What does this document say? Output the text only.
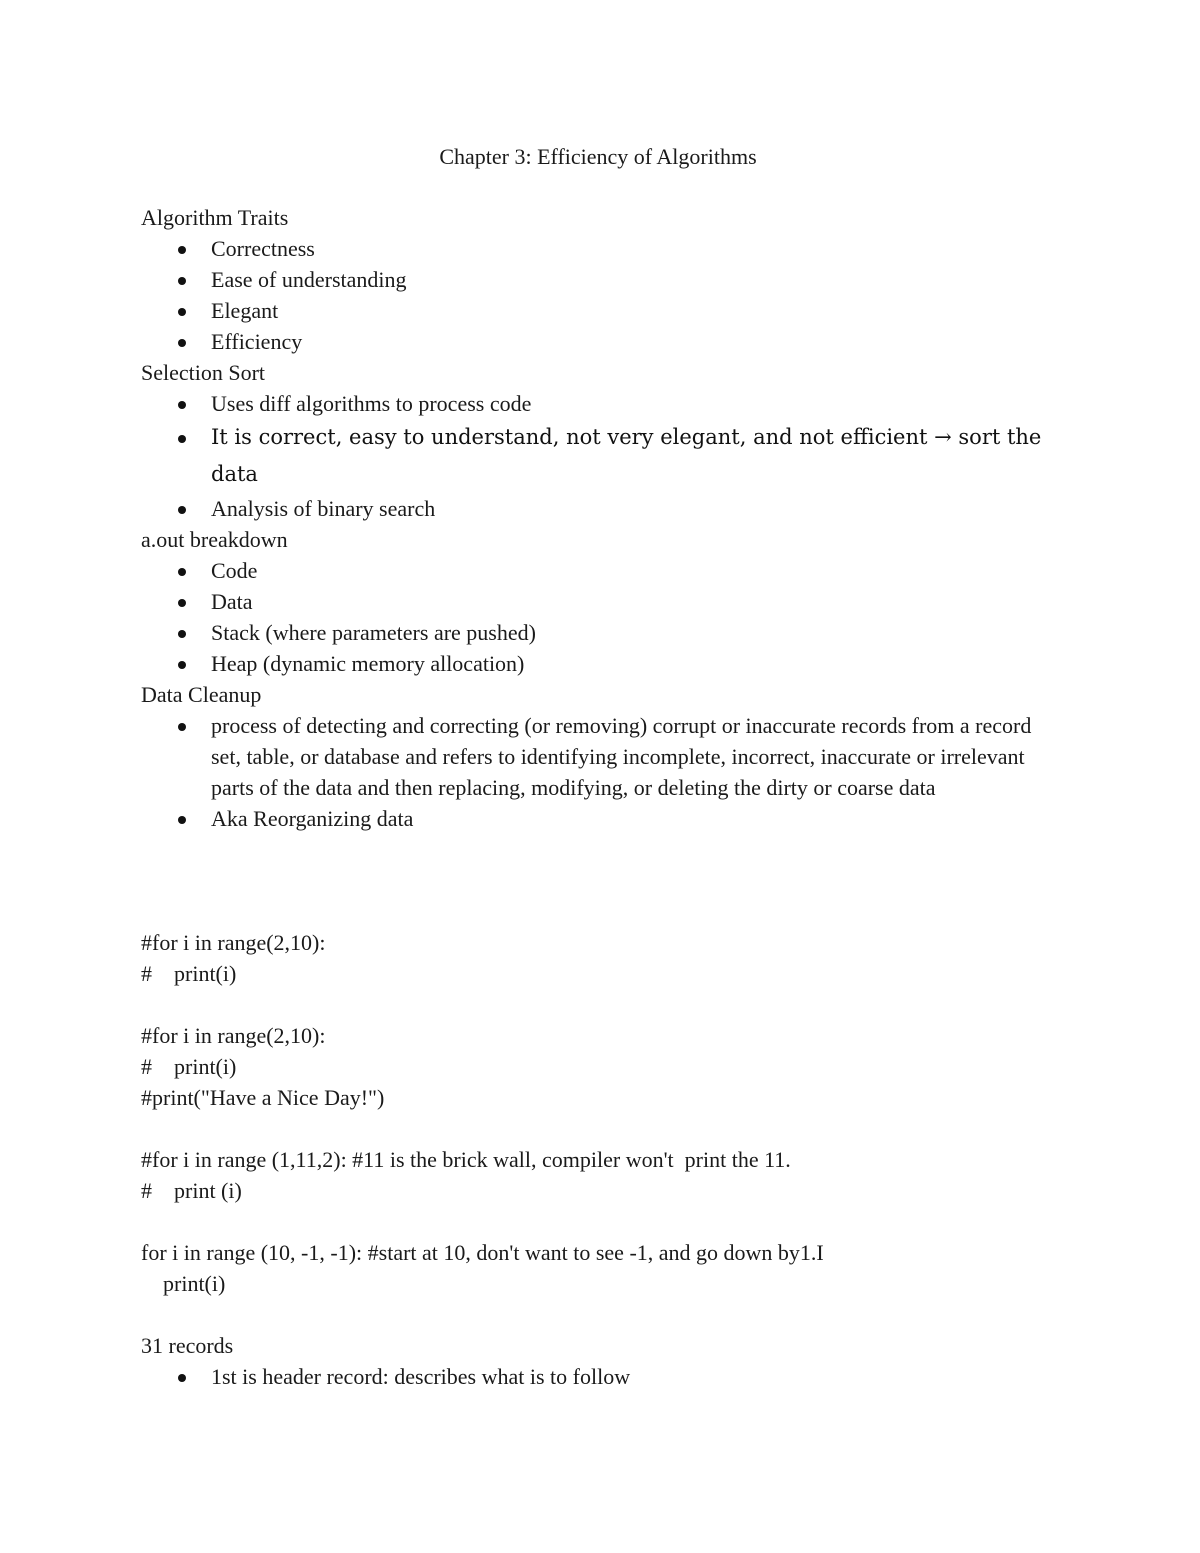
Chapter 3: Efficiency of Algorithms

Algorithm Traits

Correctness
Ease of understanding
Elegant
Efficiency

Selection Sort

Uses diff algorithms to process code
It is correct, easy to understand, not very elegant, and not efficient → sort the data
Analysis of binary search

a.out breakdown

Code
Data
Stack (where parameters are pushed)
Heap (dynamic memory allocation)

Data Cleanup

process of detecting and correcting (or removing) corrupt or inaccurate records from a record set, table, or database and refers to identifying incomplete, incorrect, inaccurate or irrelevant parts of the data and then replacing, modifying, or deleting the dirty or coarse data
Aka Reorganizing data

#for i in range(2,10):

#    print(i)

#for i in range(2,10):

#    print(i)

#print("Have a Nice Day!")

#for i in range (1,11,2): #11 is the brick wall, compiler won't  print the 11.

#    print (i)

for i in range (10, -1, -1): #start at 10, don't want to see -1, and go down by1.I

print(i)

31 records

1st is header record: describes what is to follow
